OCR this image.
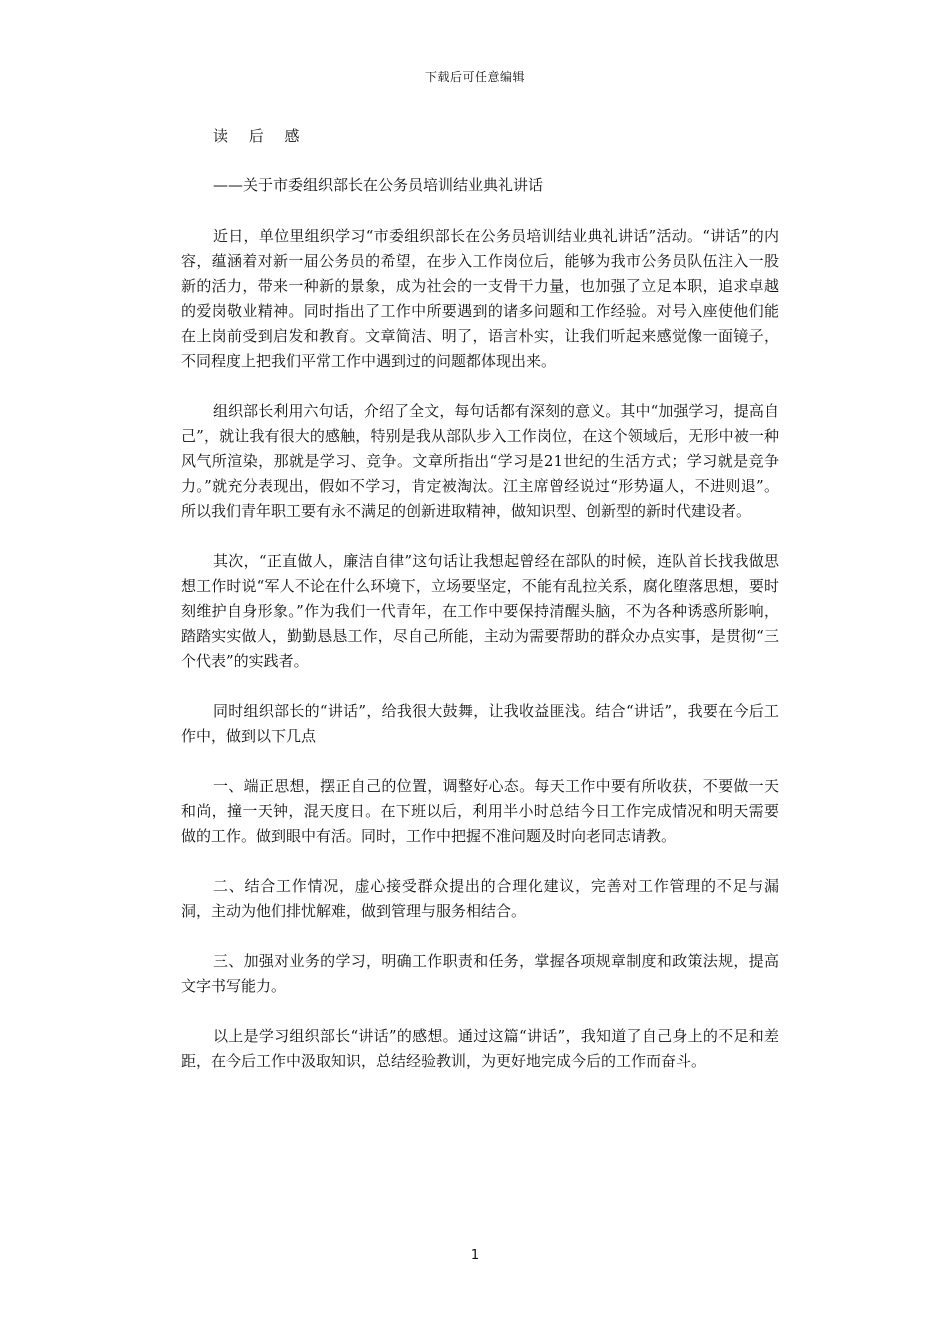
下载后可任意编辑
读 后 感

——关于市委组织部长在公务员培训结业典礼讲话

近日，单位里组织学习“市委组织部长在公务员培训结业典礼讲话”活动。“讲话”的内容，蕴涵着对新一届公务员的希望，在步入工作岗位后，能够为我市公务员队伍注入一股新的活力，带来一种新的景象，成为社会的一支骨干力量，也加强了立足本职，追求卓越的爱岗敬业精神。同时指出了工作中所要遇到的诸多问题和工作经验。对号入座使他们能在上岗前受到启发和教育。文章简洁、明了，语言朴实，让我们听起来感觉像一面镜子，不同程度上把我们平常工作中遇到过的问题都体现出来。

组织部长利用六句话，介绍了全文，每句话都有深刻的意义。其中“加强学习，提高自己”，就让我有很大的感触，特别是我从部队步入工作岗位，在这个领域后，无形中被一种风气所渲染，那就是学习、竞争。文章所指出“学习是21世纪的生活方式；学习就是竞争力。”就充分表现出，假如不学习，肯定被淘汰。江主席曾经说过“形势逼人，不进则退”。所以我们青年职工要有永不满足的创新进取精神，做知识型、创新型的新时代建设者。

其次，“正直做人，廉洁自律”这句话让我想起曾经在部队的时候，连队首长找我做思想工作时说“军人不论在什么环境下，立场要坚定，不能有乱拉关系，腐化堕落思想，要时刻维护自身形象。”作为我们一代青年，在工作中要保持清醒头脑，不为各种诱惑所影响，踏踏实实做人，勤勤恳恳工作，尽自己所能，主动为需要帮助的群众办点实事，是贯彻“三个代表”的实践者。

同时组织部长的“讲话”，给我很大鼓舞，让我收益匪浅。结合“讲话”，我要在今后工作中，做到以下几点

一、端正思想，摆正自己的位置，调整好心态。每天工作中要有所收获，不要做一天和尚，撞一天钟，混天度日。在下班以后，利用半小时总结今日工作完成情况和明天需要做的工作。做到眼中有活。同时，工作中把握不准问题及时向老同志请教。

二、结合工作情况，虚心接受群众提出的合理化建议，完善对工作管理的不足与漏洞，主动为他们排忧解难，做到管理与服务相结合。

三、加强对业务的学习，明确工作职责和任务，掌握各项规章制度和政策法规，提高文字书写能力。

以上是学习组织部长“讲话”的感想。通过这篇“讲话”，我知道了自己身上的不足和差距，在今后工作中汲取知识，总结经验教训，为更好地完成今后的工作而奋斗。

1
